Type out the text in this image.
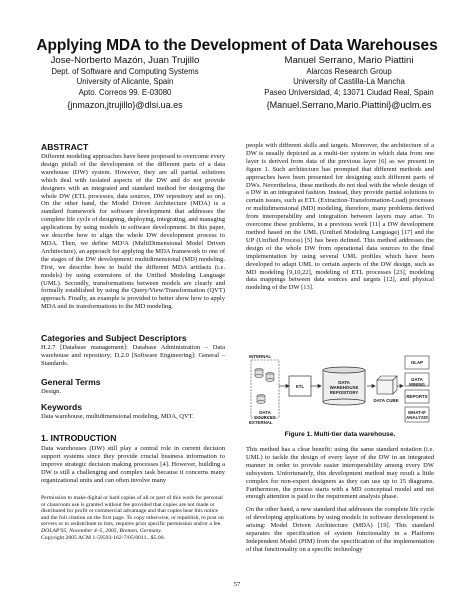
Applying MDA to the Development of Data Warehouses
Jose-Norberto Mazón, Juan Trujillo
Dept. of Software and Computing Systems
University of Alicante, Spain
Apto. Correos 99. E-03080
{jnmazon,jtrujillo}@dlsi.ua.es
Manuel Serrano, Mario Piattini
Alarcos Research Group
University of Castilla-La Mancha
Paseo Universidad, 4; 13071 Ciudad Real, Spain
{Manuel.Serrano,Mario.Piattini}@uclm.es
ABSTRACT
Different modeling approaches have been proposed to overcome every design pitfall of the development of the different parts of a data warehouse (DW) system. However, they are all partial solutions which deal with isolated aspects of the DW and do not provide designers with an integrated and standard method for designing the whole DW (ETL processes, data sources, DW repository and so on). On the other hand, the Model Driven Architecture (MDA) is a standard framework for software development that addresses the complete life cycle of designing, deploying, integrating, and managing applications by using models in software development. In this paper, we describe how to align the whole DW development process to MDA. Then, we define MD²A (MultiDimensional Model Driven Architecture), an approach for applying the MDA framework to one of the stages of the DW development: multidimensional (MD) modeling. First, we describe how to build the different MDA artifacts (i.e. models) by using extensions of the Unified Modeling Language (UML). Secondly, transformations between models are clearly and formally established by using the Query/View/Transformation (QVT) approach. Finally, an example is provided to better show how to apply MDA and its transformations to the MD modeling.
Categories and Subject Descriptors
H.2.7 [Database management]: Database Administration – Data warehouse and repository; D.2.0 [Software Engineering]: General – Standards.
General Terms
Design.
Keywords
Data warehouse, multidimensional modeling, MDA, QVT.
1. INTRODUCTION
Data warehouses (DW) still play a central role in current decision support systems since they provide crucial business information to improve strategic decision making processes [4]. However, building a DW is still a challenging and complex task because it concerns many organizational units and can often involve many
Permission to make digital or hard copies of all or part of this work for personal or classroom use is granted without fee provided that copies are not made or distributed for profit or commercial advantage and that copies bear this notice and the full citation on the first page. To copy otherwise, or republish, to post on servers or to redistribute to lists, requires prior specific permission and/or a fee.
DOLAP'05, November 4–5, 2005, Bremen, Germany.
Copyright 2005 ACM 1-59593-162-7/05/0011...$5.00.
people with different skills and targets. Moreover, the architecture of a DW is usually depicted as a multi-tier system in which data from one layer is derived from data of the previous layer [6] as we present in figure 1. Such architecture has prompted that different methods and approaches have been presented for designing such different parts of DWs. Nevertheless, these methods do not deal with the whole design of a DW in an integrated fashion. Instead, they provide partial solutions to certain issues, such as ETL (Extraction-Transformation-Load) processes or multidimensional (MD) modeling, therefore, many problems derived from interoperability and integration between layers may arise. To overcome these problems, in a previous work [11] a DW development method based on the UML (Unified Modeling Language) [17] and the UP (Unified Process) [5] has been defined. This method addresses the design of the whole DW from operational data sources to the final implementation by using several UML profiles which have been developed to adapt UML to certain aspects of the DW design, such as MD modeling [9,10,22], modeling of ETL processes [23], modeling data mappings between data sources and targets [12], and physical modeling of the DW [13].
INTERNAL
EXTERNAL
DATA SOURCES
ETL
DATA WAREHOUSE REPOSITORY
DATA CUBE
OLAP
DATA MINING
REPORTS
WHAT-IF ANALYSIS
Figure 1. Multi-tier data warehouse.

This method has a clear benefit: using the same standard notation (i.e. UML) to tackle the design of every layer of the DW in an integrated manner in order to provide easier interoperability among every DW subsystem. Unfortunately, this development method may result a little complex for non-expert designers as they can use up to 15 diagrams. Furthermore, the process starts with a MD conceptual model and not enough attention is paid to the requirement analysis phase.

On the other hand, a new standard that addresses the complete life cycle of developing applications by using models in software development is arising: Model Driven Architecture (MDA) [19]. This standard separates the specification of system functionality in a Platform Independent Model (PIM) from the specification of the implementation of that functionality on a specific technology

57
